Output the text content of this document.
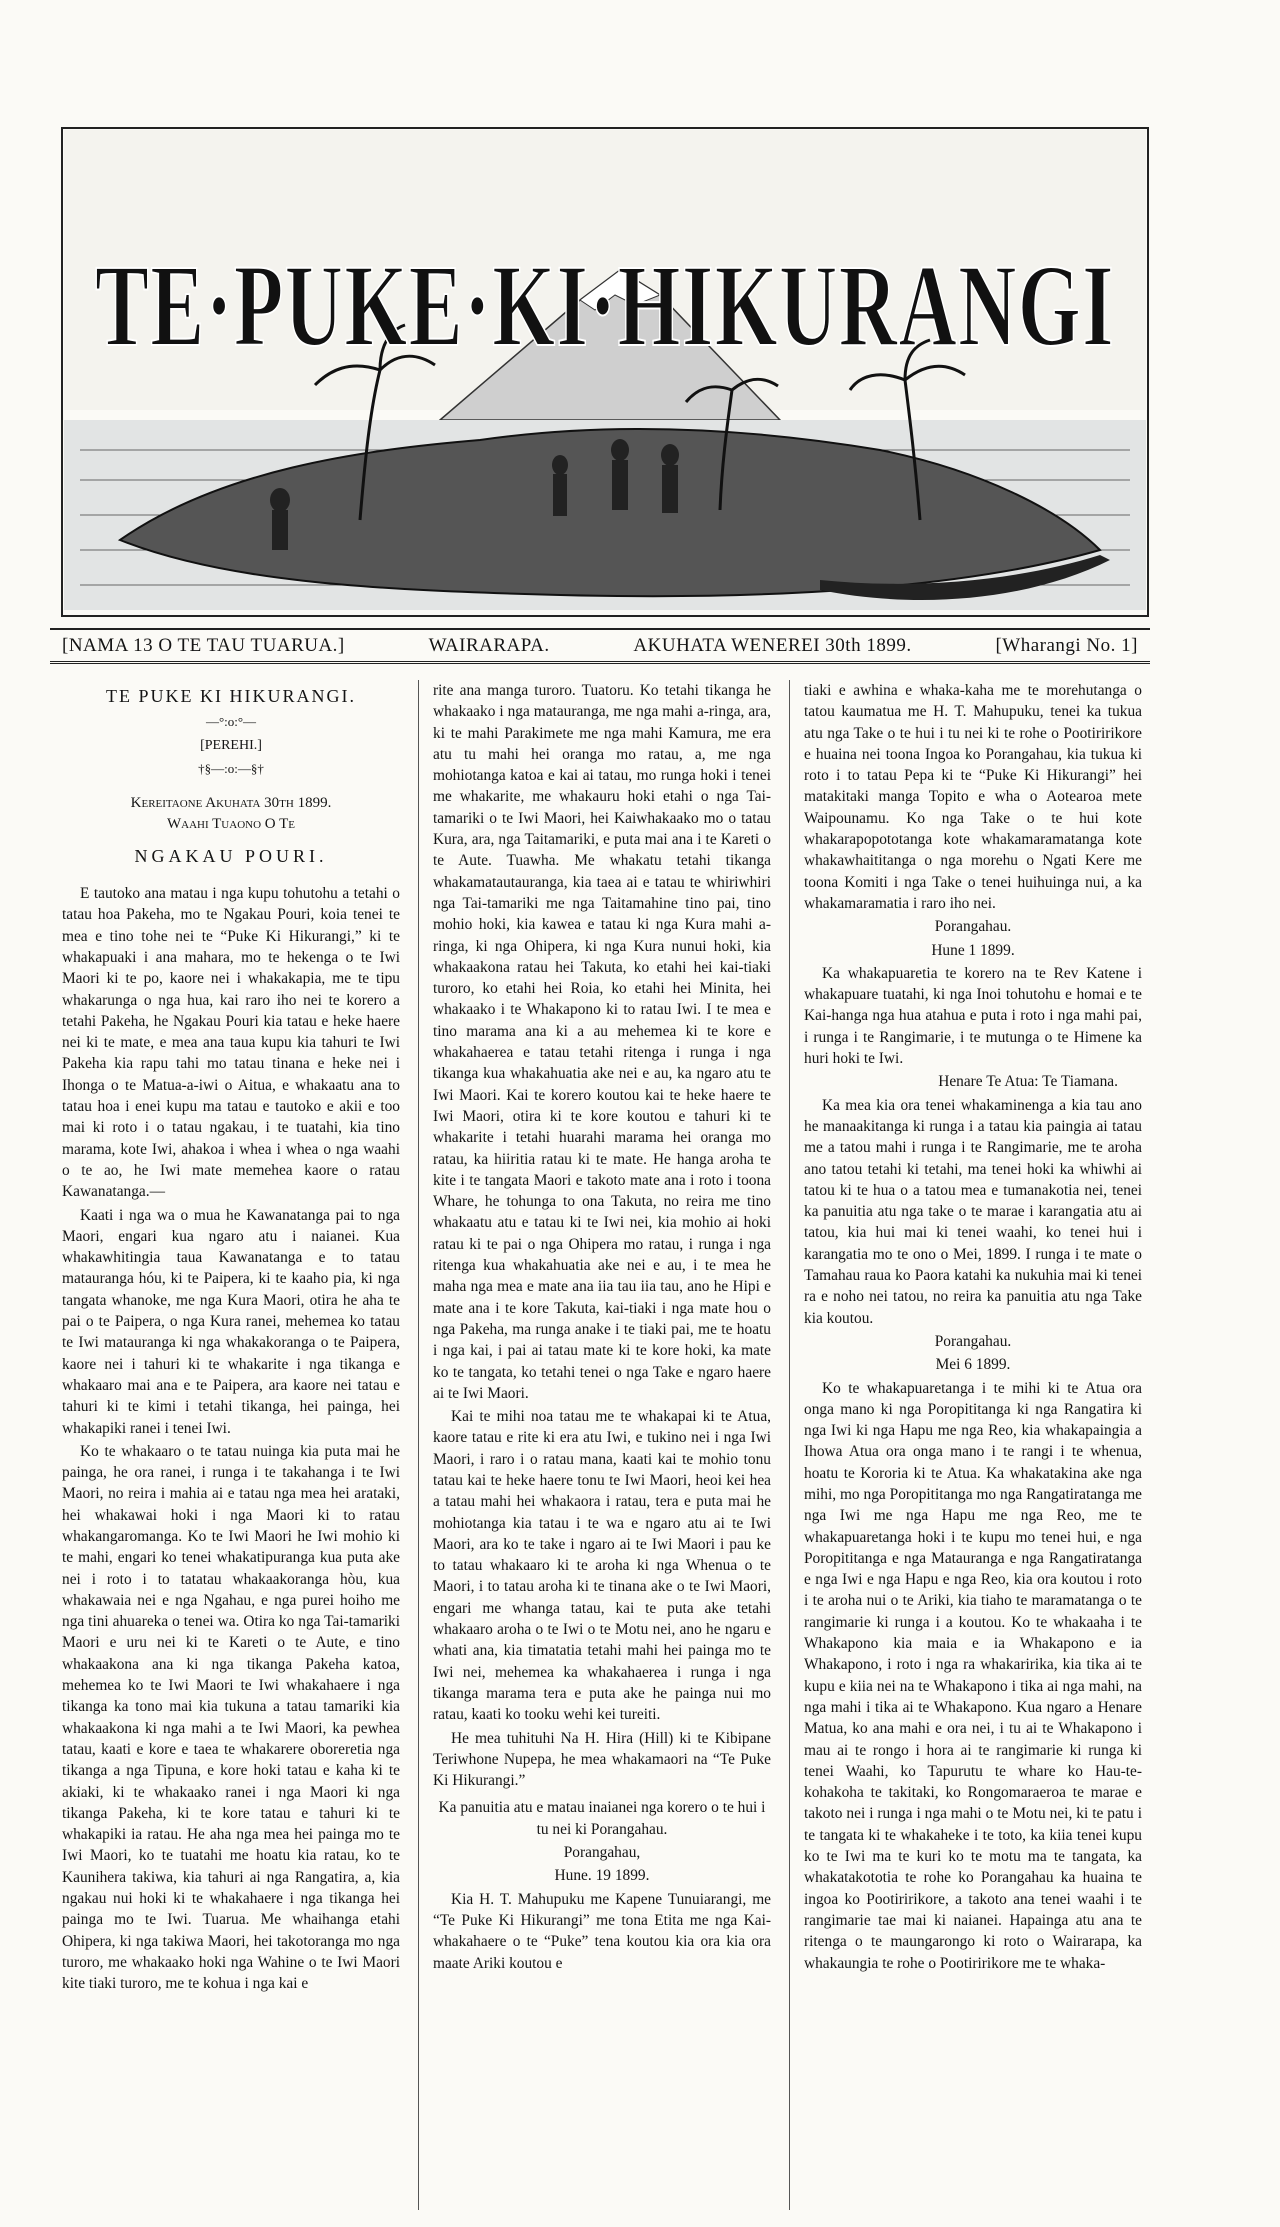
TE·PUKE·KI·HIKURANGI
[NAMA 13 O TE TAU TUARUA.]	WAIRARAPA.	AKUHATA WENEREI 30th 1899.	[Wharangi No. 1]
TE PUKE KI HIKURANGI.
—°:o:°—
[PEREHI.]
†§—:o:—§†
Kereitaone Akuhata 30th 1899.
Waahi Tuaono O Te
NGAKAU POURI.

E tautoko ana matau i nga kupu tohutohu a tetahi o tatau hoa Pakeha, mo te Ngakau Pouri, koia tenei te mea e tino tohe nei te “Puke Ki Hikurangi,” ki te whakapuaki i ana mahara, mo te hekenga o te Iwi Maori ki te po, kaore nei i whakakapia, me te tipu whakarunga o nga hua, kai raro iho nei te korero a tetahi Pakeha, he Ngakau Pouri kia tatau e heke haere nei ki te mate, e mea ana taua kupu kia tahuri te Iwi Pakeha kia rapu tahi mo tatau tinana e heke nei i Ihonga o te Matua-a-iwi o Aitua, e whakaatu ana to tatau hoa i enei kupu ma tatau e tautoko e akii e too mai ki roto i o tatau ngakau, i te tuatahi, kia tino marama, kote Iwi, ahakoa i whea i whea o nga waahi o te ao, he Iwi mate memehea kaore o ratau Kawanatanga.—

Kaati i nga wa o mua he Kawanatanga pai to nga Maori, engari kua ngaro atu i naianei. Kua whakawhitingia taua Kawanatanga e to tatau matauranga hóu, ki te Paipera, ki te kaaho pia, ki nga tangata whanoke, me nga Kura Maori, otira he aha te pai o te Paipera, o nga Kura ranei, mehemea ko tatau te Iwi matauranga ki nga whakakoranga o te Paipera, kaore nei i tahuri ki te whakarite i nga tikanga e whakaaro mai ana e te Paipera, ara kaore nei tatau e tahuri ki te kimi i tetahi tikanga, hei painga, hei whakapiki ranei i tenei Iwi.

Ko te whakaaro o te tatau nuinga kia puta mai he painga, he ora ranei, i runga i te takahanga i te Iwi Maori, no reira i mahia ai e tatau nga mea hei arataki, hei whakawai hoki i nga Maori ki to ratau whakangaromanga. Ko te Iwi Maori he Iwi mohio ki te mahi, engari ko tenei whakatipuranga kua puta ake nei i roto i to tatatau whakaakoranga hòu, kua whakawaia nei e nga Ngahau, e nga purei hoiho me nga tini ahuareka o tenei wa. Otira ko nga Tai-tamariki Maori e uru nei ki te Kareti o te Aute, e tino whakaakona ana ki nga tikanga Pakeha katoa, mehemea ko te Iwi Maori te Iwi whakahaere i nga tikanga ka tono mai kia tukuna a tatau tamariki kia whakaakona ki nga mahi a te Iwi Maori, ka pewhea tatau, kaati e kore e taea te whakarere oboreretia nga tikanga a nga Tipuna, e kore hoki tatau e kaha ki te akiaki, ki te whakaako ranei i nga Maori ki nga tikanga Pakeha, ki te kore tatau e tahuri ki te whakapiki ia ratau. He aha nga mea hei painga mo te Iwi Maori, ko te tuatahi me hoatu kia ratau, ko te Kaunihera takiwa, kia tahuri ai nga Rangatira, a, kia ngakau nui hoki ki te whakahaere i nga tikanga hei painga mo te Iwi. Tuarua. Me whaihanga etahi Ohipera, ki nga takiwa Maori, hei takotoranga mo nga turoro, me whakaako hoki nga Wahine o te Iwi Maori kite tiaki turoro, me te kohua i nga kai e

rite ana manga turoro. Tuatoru. Ko tetahi tikanga he whakaako i nga matauranga, me nga mahi a-ringa, ara, ki te mahi Parakimete me nga mahi Kamura, me era atu tu mahi hei oranga mo ratau, a, me nga mohiotanga katoa e kai ai tatau, mo runga hoki i tenei me whakarite, me whakauru hoki etahi o nga Tai-tamariki o te Iwi Maori, hei Kaiwhakaako mo o tatau Kura, ara, nga Taitamariki, e puta mai ana i te Kareti o te Aute. Tuawha. Me whakatu tetahi tikanga whakamatautauranga, kia taea ai e tatau te whiriwhiri nga Tai-tamariki me nga Taitamahine tino pai, tino mohio hoki, kia kawea e tatau ki nga Kura mahi a-ringa, ki nga Ohipera, ki nga Kura nunui hoki, kia whakaakona ratau hei Takuta, ko etahi hei kai-tiaki turoro, ko etahi hei Roia, ko etahi hei Minita, hei whakaako i te Whakapono ki to ratau Iwi. I te mea e tino marama ana ki a au mehemea ki te kore e whakahaerea e tatau tetahi ritenga i runga i nga tikanga kua whakahuatia ake nei e au, ka ngaro atu te Iwi Maori. Kai te korero koutou kai te heke haere te Iwi Maori, otira ki te kore koutou e tahuri ki te whakarite i tetahi huarahi marama hei oranga mo ratau, ka hiiritia ratau ki te mate. He hanga aroha te kite i te tangata Maori e takoto mate ana i roto i toona Whare, he tohunga to ona Takuta, no reira me tino whakaatu atu e tatau ki te Iwi nei, kia mohio ai hoki ratau ki te pai o nga Ohipera mo ratau, i runga i nga ritenga kua whakahuatia ake nei e au, i te mea he maha nga mea e mate ana iia tau iia tau, ano he Hipi e mate ana i te kore Takuta, kai-tiaki i nga mate hou o nga Pakeha, ma runga anake i te tiaki pai, me te hoatu i nga kai, i pai ai tatau mate ki te kore hoki, ka mate ko te tangata, ko tetahi tenei o nga Take e ngaro haere ai te Iwi Maori.

Kai te mihi noa tatau me te whakapai ki te Atua, kaore tatau e rite ki era atu Iwi, e tukino nei i nga Iwi Maori, i raro i o ratau mana, kaati kai te mohio tonu tatau kai te heke haere tonu te Iwi Maori, heoi kei hea a tatau mahi hei whakaora i ratau, tera e puta mai he mohiotanga kia tatau i te wa e ngaro atu ai te Iwi Maori, ara ko te take i ngaro ai te Iwi Maori i pau ke to tatau whakaaro ki te aroha ki nga Whenua o te Maori, i to tatau aroha ki te tinana ake o te Iwi Maori, engari me whanga tatau, kai te puta ake tetahi whakaaro aroha o te Iwi o te Motu nei, ano he ngaru e whati ana, kia timatatia tetahi mahi hei painga mo te Iwi nei, mehemea ka whakahaerea i runga i nga tikanga marama tera e puta ake he painga nui mo ratau, kaati ko tooku wehi kei tureiti.

He mea tuhituhi Na H. Hira (Hill) ki te Kibipane Teriwhone Nupepa, he mea whakamaori na “Te Puke Ki Hikurangi.”

Ka panuitia atu e matau inaianei nga korero o te hui i tu nei ki Porangahau.

Porangahau,
Hune. 19 1899.

Kia H. T. Mahupuku me Kapene Tunuiarangi, me “Te Puke Ki Hikurangi” me tona Etita me nga Kai-whakahaere o te “Puke” tena koutou kia ora kia ora maate Ariki koutou e

tiaki e awhina e whaka-kaha me te morehutanga o tatou kaumatua me H. T. Mahupuku, tenei ka tukua atu nga Take o te hui i tu nei ki te rohe o Pootiririkore e huaina nei toona Ingoa ko Porangahau, kia tukua ki roto i to tatau Pepa ki te “Puke Ki Hikurangi” hei matakitaki manga Topito e wha o Aotearoa mete Waipounamu. Ko nga Take o te hui kote whakarapopototanga kote whakamaramatanga kote whakawhaititanga o nga morehu o Ngati Kere me toona Komiti i nga Take o tenei huihuinga nui, a ka whakamaramatia i raro iho nei.

Porangahau.
Hune 1 1899.

Ka whakapuaretia te korero na te Rev Katene i whakapuare tuatahi, ki nga Inoi tohutohu e homai e te Kai-hanga nga hua atahua e puta i roto i nga mahi pai, i runga i te Rangimarie, i te mutunga o te Himene ka huri hoki te Iwi.

Henare Te Atua: Te Tiamana.

Ka mea kia ora tenei whakaminenga a kia tau ano he manaakitanga ki runga i a tatau kia paingia ai tatau me a tatou mahi i runga i te Rangimarie, me te aroha ano tatou tetahi ki tetahi, ma tenei hoki ka whiwhi ai tatou ki te hua o a tatou mea e tumanakotia nei, tenei ka panuitia atu nga take o te marae i karangatia atu ai tatou, kia hui mai ki tenei waahi, ko tenei hui i karangatia mo te ono o Mei, 1899. I runga i te mate o Tamahau raua ko Paora katahi ka nukuhia mai ki tenei ra e noho nei tatou, no reira ka panuitia atu nga Take kia koutou.

Porangahau.
Mei 6 1899.

Ko te whakapuaretanga i te mihi ki te Atua ora onga mano ki nga Poropititanga ki nga Rangatira ki nga Iwi ki nga Hapu me nga Reo, kia whakapaingia a Ihowa Atua ora onga mano i te rangi i te whenua, hoatu te Kororia ki te Atua. Ka whakatakina ake nga mihi, mo nga Poropititanga mo nga Rangatiratanga me nga Iwi me nga Hapu me nga Reo, me te whakapuaretanga hoki i te kupu mo tenei hui, e nga Poropititanga e nga Matauranga e nga Rangatiratanga e nga Iwi e nga Hapu e nga Reo, kia ora koutou i roto i te aroha nui o te Ariki, kia tiaho te maramatanga o te rangimarie ki runga i a koutou. Ko te whakaaha i te Whakapono kia maia e ia Whakapono e ia Whakapono, i roto i nga ra whakaririka, kia tika ai te kupu e kiia nei na te Whakapono i tika ai nga mahi, na nga mahi i tika ai te Whakapono. Kua ngaro a Henare Matua, ko ana mahi e ora nei, i tu ai te Whakapono i mau ai te rongo i hora ai te rangimarie ki runga ki tenei Waahi, ko Tapurutu te whare ko Hau-te-kohakoha te takitaki, ko Rongomaraeroa te marae e takoto nei i runga i nga mahi o te Motu nei, ki te patu i te tangata ki te whakaheke i te toto, ka kiia tenei kupu ko te Iwi ma te kuri ko te motu ma te tangata, ka whakatakototia te rohe ko Porangahau ka huaina te ingoa ko Pootiririkore, a takoto ana tenei waahi i te rangimarie tae mai ki naianei. Hapainga atu ana te ritenga o te maungarongo ki roto o Wairarapa, ka whakaungia te rohe o Pootiririkore me te whaka-
